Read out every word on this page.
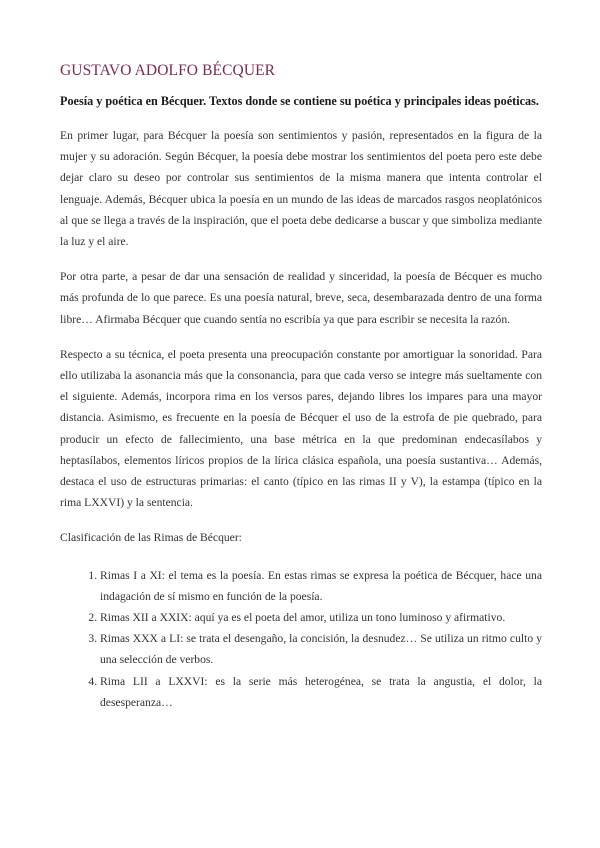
GUSTAVO ADOLFO BÉCQUER

Poesía y poética en Bécquer. Textos donde se contiene su poética y principales ideas poéticas.

En primer lugar, para Bécquer la poesía son sentimientos y pasión, representados en la figura de la mujer y su adoración. Según Bécquer, la poesía debe mostrar los sentimientos del poeta pero este debe dejar claro su deseo por controlar sus sentimientos de la misma manera que intenta controlar el lenguaje. Además, Bécquer ubica la poesía en un mundo de las ideas de marcados rasgos neoplatónicos al que se llega a través de la inspiración, que el poeta debe dedicarse a buscar y que simboliza mediante la luz y el aire.

Por otra parte, a pesar de dar una sensación de realidad y sinceridad, la poesía de Bécquer es mucho más profunda de lo que parece. Es una poesía natural, breve, seca, desembarazada dentro de una forma libre… Afirmaba Bécquer que cuando sentía no escribía ya que para escribir se necesita la razón.

Respecto a su técnica, el poeta presenta una preocupación constante por amortiguar la sonoridad. Para ello utilizaba la asonancia más que la consonancia, para que cada verso se integre más sueltamente con el siguiente. Además, incorpora rima en los versos pares, dejando libres los impares para una mayor distancia. Asimismo, es frecuente en la poesía de Bécquer el uso de la estrofa de pie quebrado, para producir un efecto de fallecimiento, una base métrica en la que predominan endecasílabos y heptasílabos, elementos líricos propios de la lírica clásica española, una poesía sustantiva… Además, destaca el uso de estructuras primarias: el canto (típico en las rimas II y V), la estampa (típico en la rima LXXVI) y la sentencia.

Clasificación de las Rimas de Bécquer:

1. Rimas I a XI: el tema es la poesía. En estas rimas se expresa la poética de Bécquer, hace una indagación de sí mismo en función de la poesía.
2. Rimas XII a XXIX: aquí ya es el poeta del amor, utiliza un tono luminoso y afirmativo.
3. Rimas XXX a LI: se trata el desengaño, la concisión, la desnudez… Se utiliza un ritmo culto y una selección de verbos.
4. Rima LII a LXXVI: es la serie más heterogénea, se trata la angustia, el dolor, la desesperanza…
